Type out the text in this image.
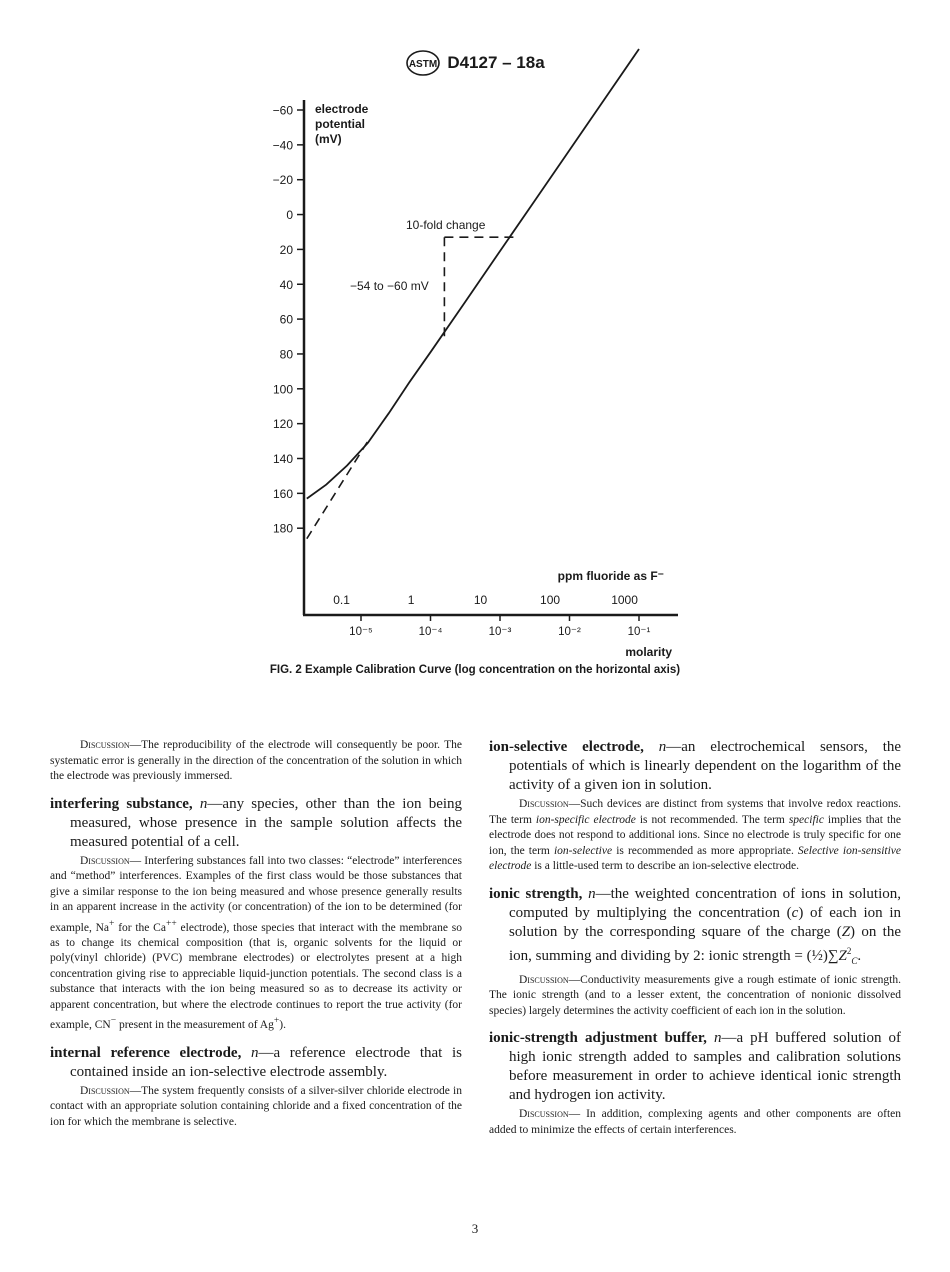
ASTM D4127 – 18a
−60
−40
−20
0
20
40
60
80
100
120
140
160
180
electrode
potential
(mV)
10⁻⁵	10⁻⁴	10⁻³	10⁻²	10⁻¹
0.1	1	10	100	1000
ppm fluoride as F⁻
molarity
10-fold change
−54 to −60 mV
FIG. 2 Example Calibration Curve (log concentration on the horizontal axis)

Discussion—The reproducibility of the electrode will consequently be poor. The systematic error is generally in the direction of the concentration of the solution in which the electrode was previously immersed.

interfering substance, n—any species, other than the ion being measured, whose presence in the sample solution affects the measured potential of a cell.

Discussion— Interfering substances fall into two classes: “electrode” interferences and “method” interferences. Examples of the first class would be those substances that give a similar response to the ion being measured and whose presence generally results in an apparent increase in the activity (or concentration) of the ion to be determined (for example, Na+ for the Ca++ electrode), those species that interact with the membrane so as to change its chemical composition (that is, organic solvents for the liquid or poly(vinyl chloride) (PVC) membrane electrodes) or electrolytes present at a high concentration giving rise to appreciable liquid-junction potentials. The second class is a substance that interacts with the ion being measured so as to decrease its activity or apparent concentration, but where the electrode continues to report the true activity (for example, CN− present in the measurement of Ag+).

internal reference electrode, n—a reference electrode that is contained inside an ion-selective electrode assembly.

Discussion—The system frequently consists of a silver-silver chloride electrode in contact with an appropriate solution containing chloride and a fixed concentration of the ion for which the membrane is selective.

ion-selective electrode, n—an electrochemical sensors, the potentials of which is linearly dependent on the logarithm of the activity of a given ion in solution.

Discussion—Such devices are distinct from systems that involve redox reactions. The term ion-specific electrode is not recommended. The term specific implies that the electrode does not respond to additional ions. Since no electrode is truly specific for one ion, the term ion-selective is recommended as more appropriate. Selective ion-sensitive electrode is a little-used term to describe an ion-selective electrode.

ionic strength, n—the weighted concentration of ions in solution, computed by multiplying the concentration (c) of each ion in solution by the corresponding square of the charge (Z) on the ion, summing and dividing by 2: ionic strength = $(\frac{1}{2})\sum Z^2_C$.

Discussion—Conductivity measurements give a rough estimate of ionic strength. The ionic strength (and to a lesser extent, the concentration of nonionic dissolved species) largely determines the activity coefficient of each ion in the solution.

ionic-strength adjustment buffer, n—a pH buffered solution of high ionic strength added to samples and calibration solutions before measurement in order to achieve identical ionic strength and hydrogen ion activity.

Discussion— In addition, complexing agents and other components are often added to minimize the effects of certain interferences.

3
